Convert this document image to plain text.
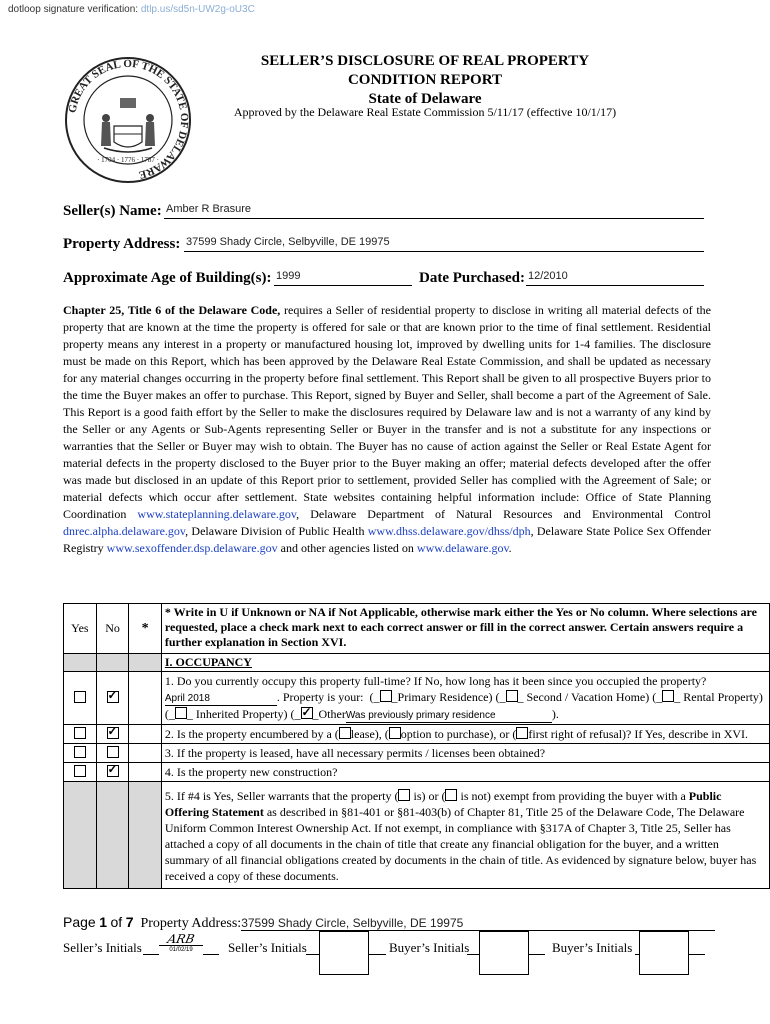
dotloop signature verification: dtlp.us/sd5n-UW2g-oU3C
GREAT SEAL OF THE STATE OF DELAWARE
· 1704 · 1776 · 1787 ·
SELLER’S DISCLOSURE OF REAL PROPERTY
CONDITION REPORT
State of Delaware
Approved by the Delaware Real Estate Commission 5/11/17 (effective 10/1/17)
Seller(s) Name: Amber R Brasure
Property Address: 37599 Shady Circle, Selbyville, DE 19975
Approximate Age of Building(s): 1999	Date Purchased: 12/2010
Chapter 25, Title 6 of the Delaware Code, requires a Seller of residential property to disclose in writing all material defects of the property that are known at the time the property is offered for sale or that are known prior to the time of final settlement. Residential property means any interest in a property or manufactured housing lot, improved by dwelling units for 1-4 families. The disclosure must be made on this Report, which has been approved by the Delaware Real Estate Commission, and shall be updated as necessary for any material changes occurring in the property before final settlement. This Report shall be given to all prospective Buyers prior to the time the Buyer makes an offer to purchase. This Report, signed by Buyer and Seller, shall become a part of the Agreement of Sale. This Report is a good faith effort by the Seller to make the disclosures required by Delaware law and is not a warranty of any kind by the Seller or any Agents or Sub-Agents representing Seller or Buyer in the transfer and is not a substitute for any inspections or warranties that the Seller or Buyer may wish to obtain. The Buyer has no cause of action against the Seller or Real Estate Agent for material defects in the property disclosed to the Buyer prior to the Buyer making an offer; material defects developed after the offer was made but disclosed in an update of this Report prior to settlement, provided Seller has complied with the Agreement of Sale; or material defects which occur after settlement. State websites containing helpful information include: Office of State Planning Coordination www.stateplanning.delaware.gov, Delaware Department of Natural Resources and Environmental Control dnrec.alpha.delaware.gov, Delaware Division of Public Health www.dhss.delaware.gov/dhss/dph, Delaware State Police Sex Offender Registry www.sexoffender.dsp.delaware.gov and other agencies listed on www.delaware.gov.
Yes	No	*	* Write in U if Unknown or NA if Not Applicable, otherwise mark either the Yes or No column. Where selections are requested, place a check mark next to each correct answer or fill in the correct answer. Certain answers require a further explanation in Section XVI.
			I. OCCUPANCY
	✓		1. Do you currently occupy this property full-time? If No, how long has it been since you occupied the property?
April 2018 . Property is your:  (_ _Primary Residence) (_ _ Second / Vacation Home) (_ _ Rental Property) (_ _ Inherited Property) (_ ✓ _OtherWas previously primary residence ).
	✓		2. Is the property encumbered by a ( lease), ( option to purchase), or ( first right of refusal)? If Yes, describe in XVI.
			3. If the property is leased, have all necessary permits / licenses been obtained?
	✓		4. Is the property new construction?
			5. If #4 is Yes, Seller warrants that the property ( is) or ( is not) exempt from providing the buyer with a Public Offering Statement as described in §81-401 or §81-403(b) of Chapter 81, Title 25 of the Delaware Code, The Delaware Uniform Common Interest Ownership Act. If not exempt, in compliance with §317A of Chapter 3, Title 25, Seller has attached a copy of all documents in the chain of title that create any financial obligation for the buyer, and a written summary of all financial obligations created by documents in the chain of title. As evidenced by signature below, buyer has received a copy of these documents.
Page 1 of 7 Property Address:37599 Shady Circle, Selbyville, DE 19975
Seller’s Initials
ARB
01/02/19	Seller’s Initials	Buyer’s Initials	Buyer’s Initials
